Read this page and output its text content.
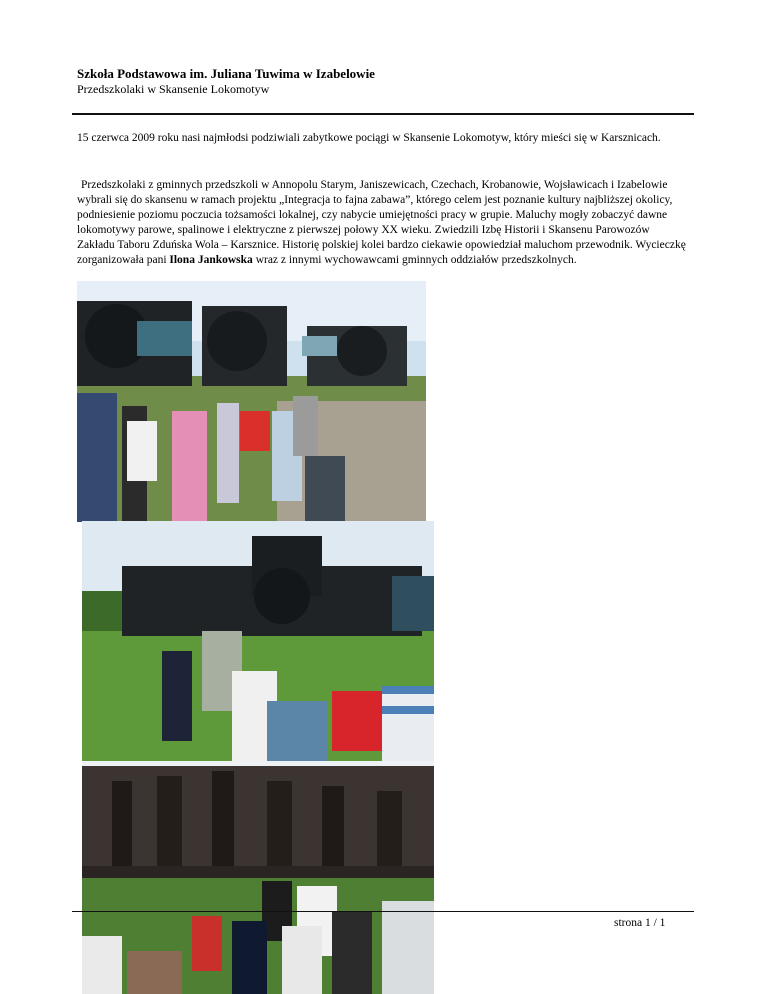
Szkoła Podstawowa im. Juliana Tuwima w Izabelowie
Przedszkolaki w Skansenie Lokomotyw

15 czerwca 2009 roku nasi najmłodsi podziwiali zabytkowe pociągi w Skansenie Lokomotyw, który mieści się w Karsznicach.

Przedszkolaki z gminnych przedszkoli w Annopolu Starym, Janiszewicach, Czechach, Krobanowie, Wojsławicach i Izabelowie wybrali się do skansenu w ramach projektu „Integracja to fajna zabawa”, którego celem jest poznanie kultury najbliższej okolicy, podniesienie poziomu poczucia tożsamości lokalnej, czy nabycie umiejętności pracy w grupie. Maluchy mogły zobaczyć dawne lokomotywy parowe, spalinowe i elektryczne z pierwszej połowy XX wieku. Zwiedzili Izbę Historii i Skansenu Parowozów Zakładu Taboru Zduńska Wola – Karsznice. Historię polskiej kolei bardzo ciekawie opowiedział maluchom przewodnik. Wycieczkę zorganizowała pani Ilona Jankowska wraz z innymi wychowawcami gminnych oddziałów przedszkolnych.

strona 1 / 1
